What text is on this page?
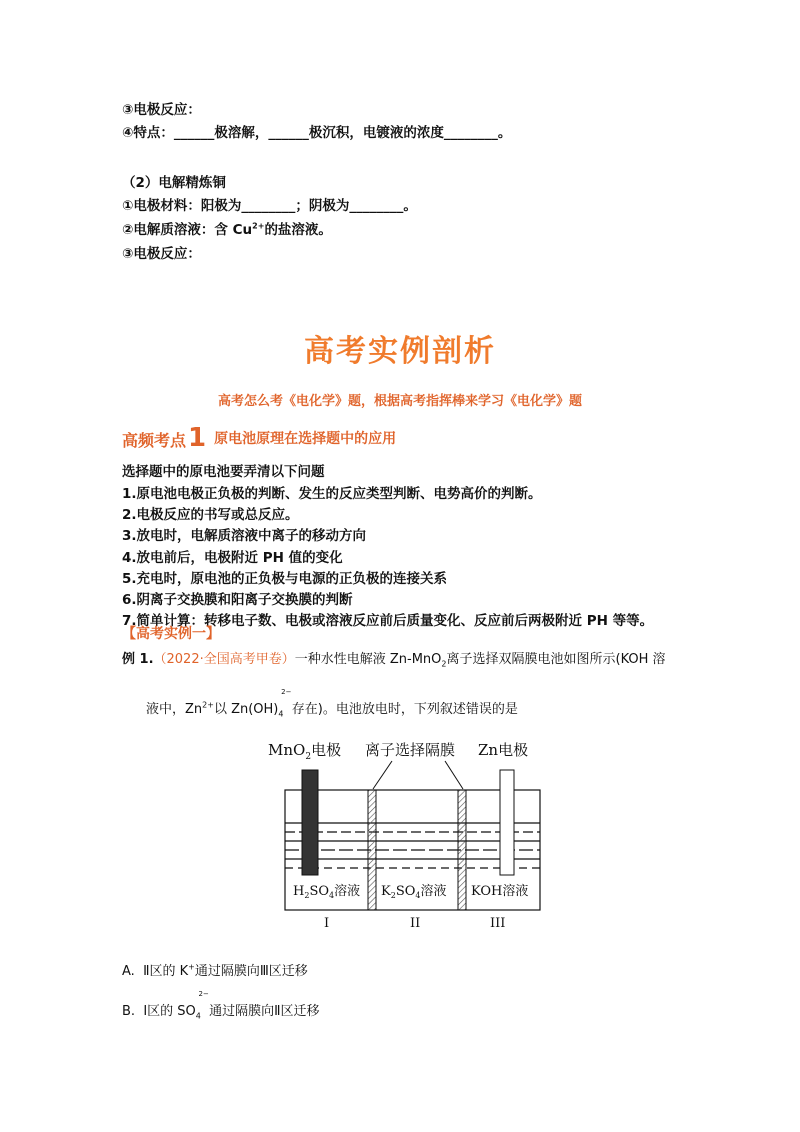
③电极反应：
④特点：______极溶解，______极沉积，电镀液的浓度________。
（2）电解精炼铜
①电极材料：阳极为________；阴极为________。
②电解质溶液：含 $Cu^{2+}$的盐溶液。
③电极反应：
高考实例剖析
高考怎么考《电化学》题，根据高考指挥棒来学习《电化学》题
高频考点1 原电池原理在选择题中的应用
选择题中的原电池要弄清以下问题
1.原电池电极正负极的判断、发生的反应类型判断、电势高价的判断。
2.电极反应的书写或总反应。
3.放电时，电解质溶液中离子的移动方向
4.放电前后，电极附近 PH 值的变化
5.充电时，原电池的正负极与电源的正负极的连接关系
6.阴离子交换膜和阳离子交换膜的判断
7.简单计算：转移电子数、电极或溶液反应前后质量变化、反应前后两极附近 PH 等等。
【高考实例一】
例 1.（2022·全国高考甲卷）一种水性电解液 Zn-MnO$_2$离子选择双隔膜电池如图所示(KOH 溶
液中，$Zn^{2+}$以 $Zn(OH)_4$
2−
存在)。电池放电时，下列叙述错误的是
MnO$_2$电极 离子选择隔膜 Zn电极
$H_2SO_4$溶液 $K_2SO_4$溶液 KOH溶液
I	II	III
A. Ⅱ区的 K+通过隔膜向Ⅲ区迁移
B. Ⅰ区的 $SO_4$
2−
通过隔膜向Ⅱ区迁移
